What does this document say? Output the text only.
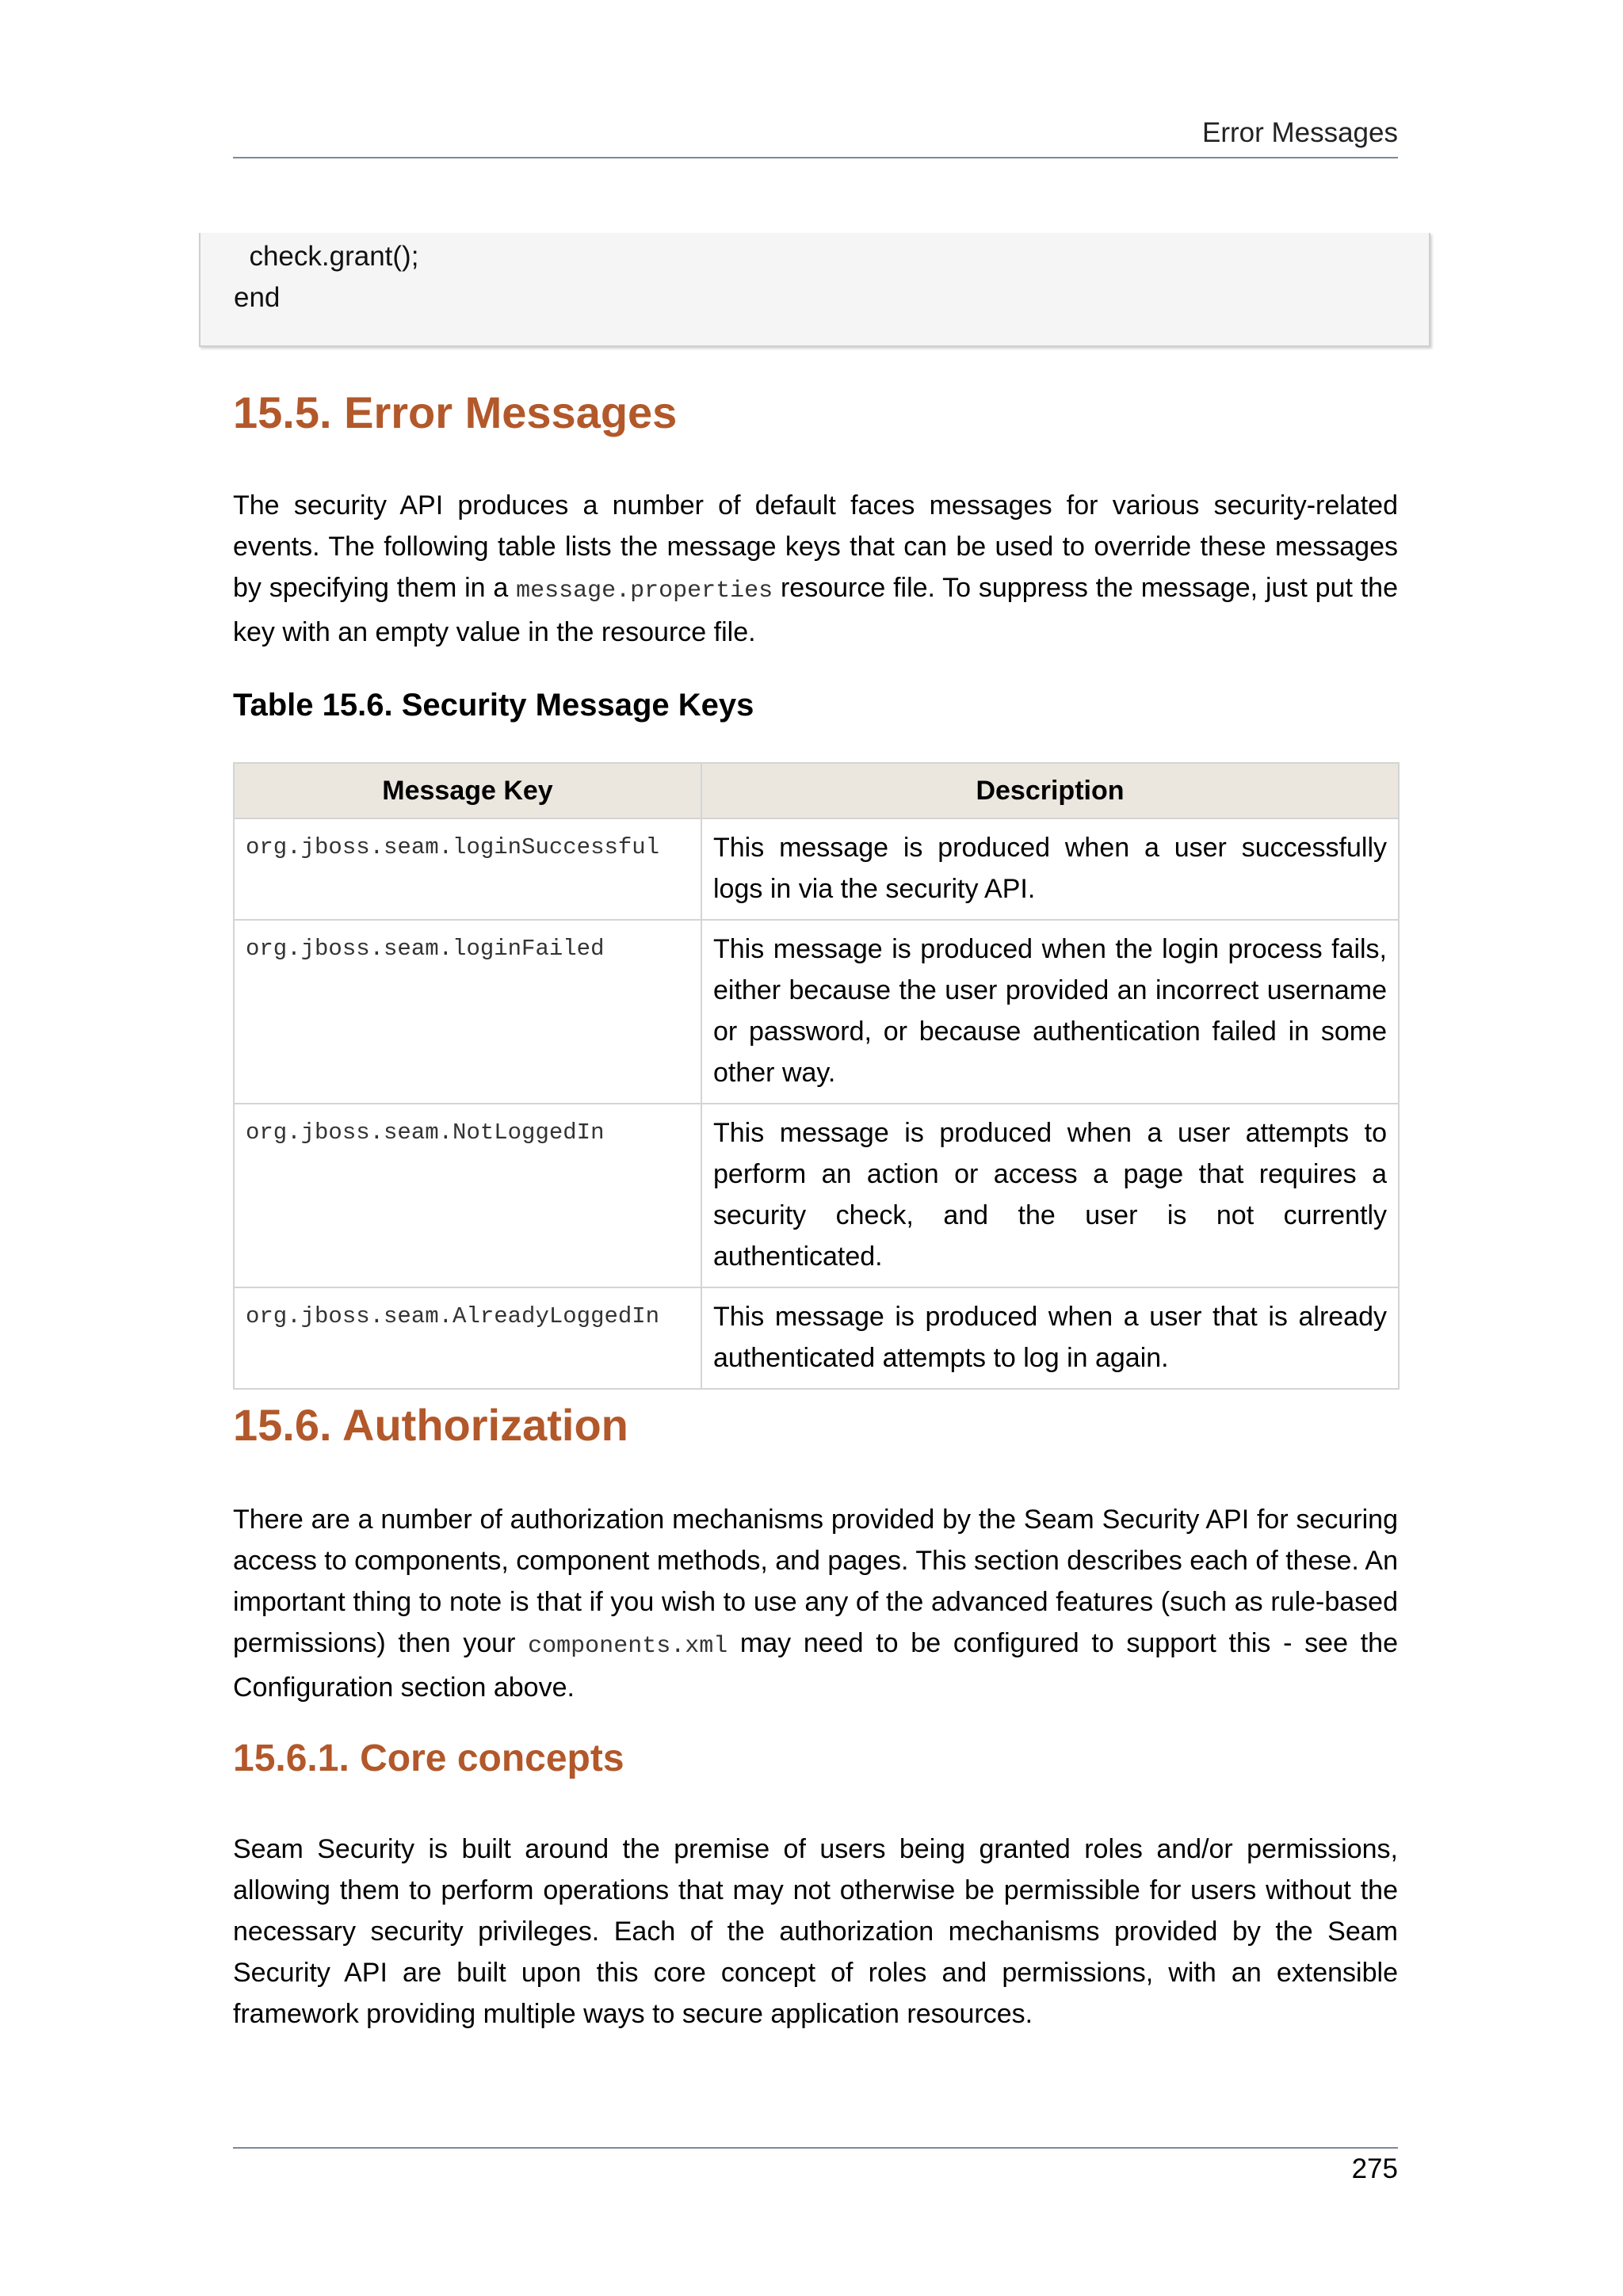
Error Messages
check.grant();
end
15.5. Error Messages

The security API produces a number of default faces messages for various security-related events. The following table lists the message keys that can be used to override these messages by specifying them in a message.properties resource file. To suppress the message, just put the key with an empty value in the resource file.

Table 15.6. Security Message Keys

Message Key	Description
org.jboss.seam.loginSuccessful	This message is produced when a user successfully logs in via the security API.
org.jboss.seam.loginFailed	This message is produced when the login process fails, either because the user provided an incorrect username or password, or because authentication failed in some other way.
org.jboss.seam.NotLoggedIn	This message is produced when a user attempts to perform an action or access a page that requires a security check, and the user is not currently authenticated.
org.jboss.seam.AlreadyLoggedIn	This message is produced when a user that is already authenticated attempts to log in again.
15.6. Authorization

There are a number of authorization mechanisms provided by the Seam Security API for securing access to components, component methods, and pages. This section describes each of these. An important thing to note is that if you wish to use any of the advanced features (such as rule-based permissions) then your components.xml may need to be configured to support this - see the Configuration section above.

15.6.1. Core concepts

Seam Security is built around the premise of users being granted roles and/or permissions, allowing them to perform operations that may not otherwise be permissible for users without the necessary security privileges. Each of the authorization mechanisms provided by the Seam Security API are built upon this core concept of roles and permissions, with an extensible framework providing multiple ways to secure application resources.

275
